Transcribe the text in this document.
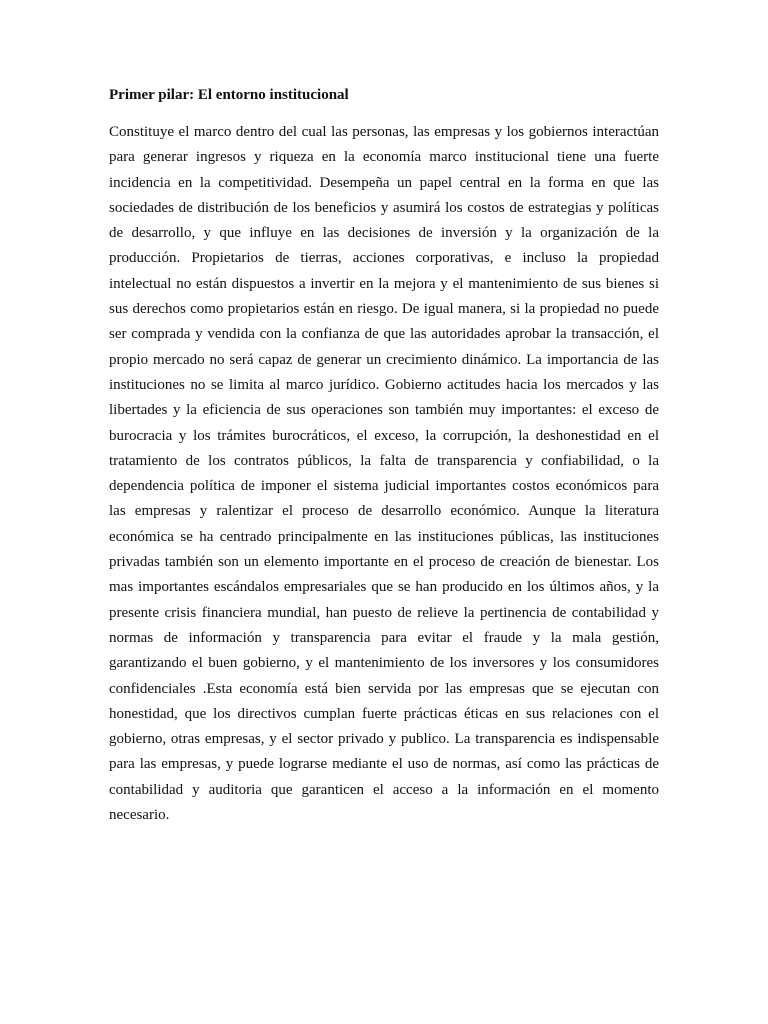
Primer pilar: El entorno institucional
Constituye el marco dentro del cual las personas, las empresas y los gobiernos interactúan
para generar ingresos y riqueza en la economía marco institucional tiene una fuerte
incidencia en la competitividad. Desempeña un papel central en la forma en que las
sociedades de distribución de los beneficios y asumirá los costos de estrategias y políticas
de desarrollo, y que influye en las decisiones de inversión y la organización de la
producción. Propietarios de tierras, acciones corporativas, e incluso la propiedad
intelectual no están dispuestos a invertir en la mejora y el mantenimiento de sus bienes si
sus derechos como propietarios están en riesgo. De igual manera, si la propiedad no puede
ser comprada y vendida con la confianza de que las autoridades aprobar la transacción, el
propio mercado no será capaz de generar un crecimiento dinámico. La importancia de las
instituciones no se limita al marco jurídico. Gobierno actitudes hacia los mercados y las
libertades y la eficiencia de sus operaciones son también muy importantes: el exceso de
burocracia y los trámites burocráticos, el exceso, la corrupción, la deshonestidad en el
tratamiento de los contratos públicos, la falta de transparencia y confiabilidad, o la
dependencia política de imponer el sistema judicial importantes costos económicos para
las empresas y ralentizar el proceso de desarrollo económico. Aunque la literatura
económica se ha centrado principalmente en las instituciones públicas, las instituciones
privadas también son un elemento importante en el proceso de creación de bienestar. Los
mas importantes escándalos empresariales que se han producido en los últimos años, y la
presente crisis financiera mundial, han puesto de relieve la pertinencia de contabilidad y
normas de información y transparencia para evitar el fraude y la mala gestión,
garantizando el buen gobierno, y el mantenimiento de los inversores y los consumidores
confidenciales .Esta economía está bien servida por las empresas que se ejecutan con
honestidad, que los directivos cumplan fuerte prácticas éticas en sus relaciones con el
gobierno, otras empresas, y el sector privado y publico. La transparencia es indispensable
para las empresas, y puede lograrse mediante el uso de normas, así como las prácticas de
contabilidad y auditoria que garanticen el acceso a la información en el momento
necesario.
